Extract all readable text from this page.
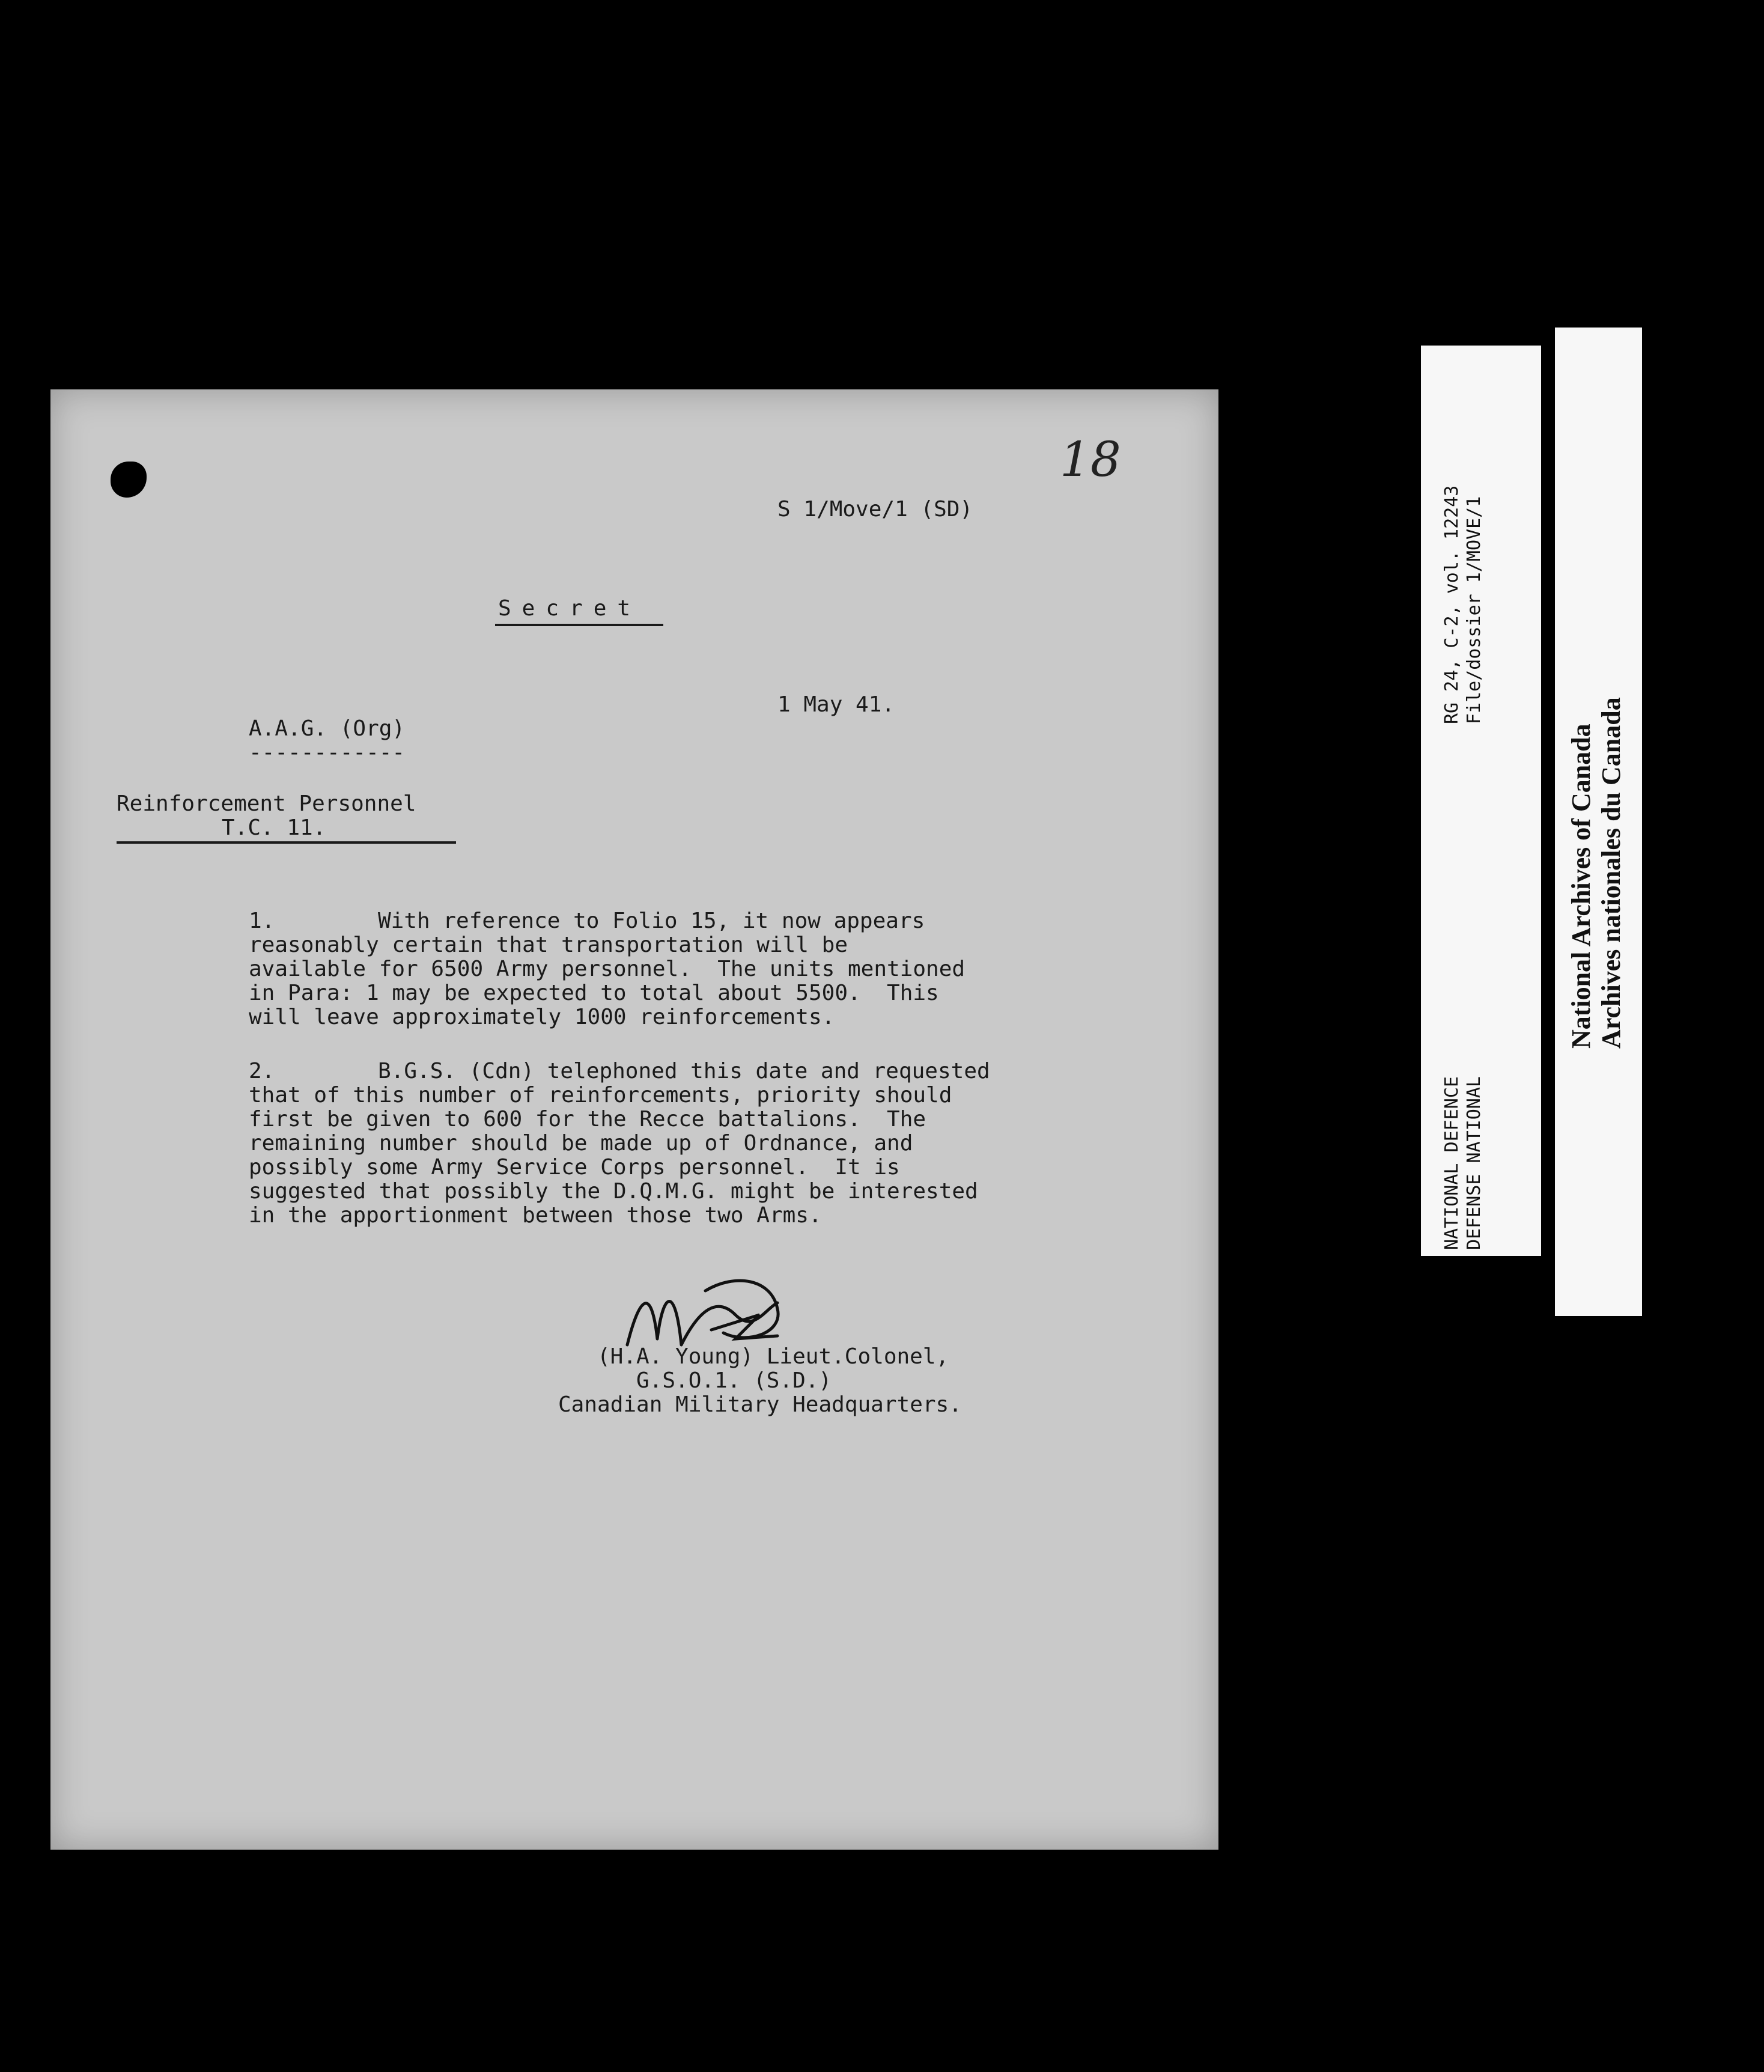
18
S 1/Move/1 (SD)
Secret
1 May 41.
A.A.G. (Org)
------------
Reinforcement Personnel
T.C. 11.
1.	With reference to Folio 15, it now appears
reasonably certain that transportation will be
available for 6500 Army personnel.  The units mentioned
in Para: 1 may be expected to total about 5500.  This
will leave approximately 1000 reinforcements.
2.	B.G.S. (Cdn) telephoned this date and requested
that of this number of reinforcements, priority should
first be given to 600 for the Recce battalions.  The
remaining number should be made up of Ordnance, and
possibly some Army Service Corps personnel.  It is
suggested that possibly the D.Q.M.G. might be interested
in the apportionment between those two Arms.
(H.A. Young) Lieut.Colonel,
G.S.O.1. (S.D.)
Canadian Military Headquarters.
RG 24, C-2, vol. 12243 File/dossier 1/MOVE/1
NATIONAL DEFENCE DEFENSE NATIONAL
National Archives of Canada Archives nationales du Canada
